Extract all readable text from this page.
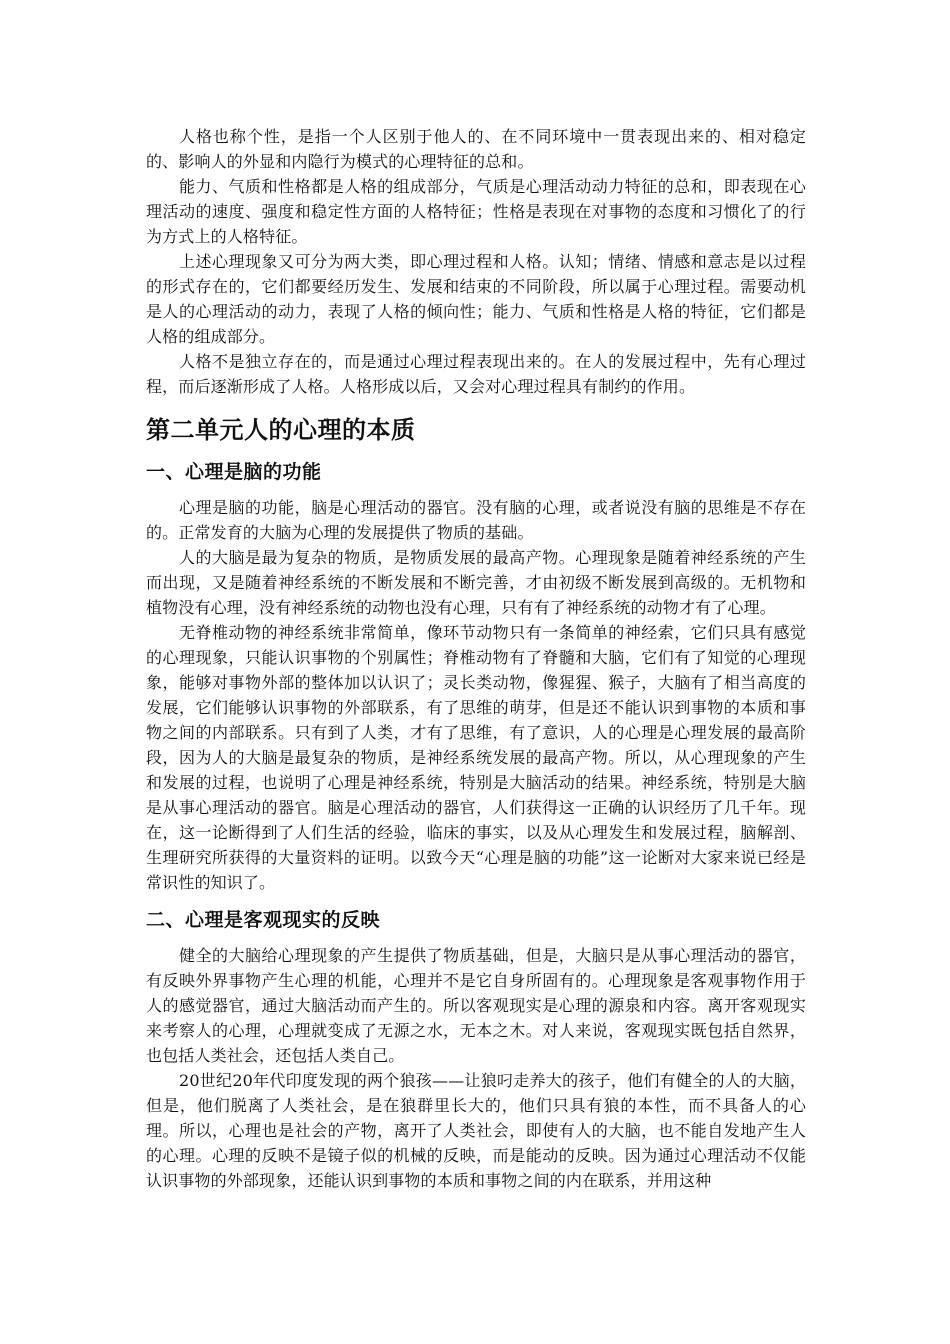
人格也称个性，是指一个人区别于他人的、在不同环境中一贯表现出来的、相对稳定的、影响人的外显和内隐行为模式的心理特征的总和。

能力、气质和性格都是人格的组成部分，气质是心理活动动力特征的总和，即表现在心理活动的速度、强度和稳定性方面的人格特征；性格是表现在对事物的态度和习惯化了的行为方式上的人格特征。

上述心理现象又可分为两大类，即心理过程和人格。认知；情绪、情感和意志是以过程的形式存在的，它们都要经历发生、发展和结束的不同阶段，所以属于心理过程。需要动机是人的心理活动的动力，表现了人格的倾向性；能力、气质和性格是人格的特征，它们都是人格的组成部分。

人格不是独立存在的，而是通过心理过程表现出来的。在人的发展过程中，先有心理过程，而后逐渐形成了人格。人格形成以后，又会对心理过程具有制约的作用。

第二单元人的心理的本质
一、心理是脑的功能

心理是脑的功能，脑是心理活动的器官。没有脑的心理，或者说没有脑的思维是不存在的。正常发育的大脑为心理的发展提供了物质的基础。

人的大脑是最为复杂的物质，是物质发展的最高产物。心理现象是随着神经系统的产生而出现，又是随着神经系统的不断发展和不断完善，才由初级不断发展到高级的。无机物和植物没有心理，没有神经系统的动物也没有心理，只有有了神经系统的动物才有了心理。

无脊椎动物的神经系统非常简单，像环节动物只有一条简单的神经索，它们只具有感觉的心理现象，只能认识事物的个别属性；脊椎动物有了脊髓和大脑，它们有了知觉的心理现象，能够对事物外部的整体加以认识了；灵长类动物，像猩猩、猴子，大脑有了相当高度的发展，它们能够认识事物的外部联系，有了思维的萌芽，但是还不能认识到事物的本质和事物之间的内部联系。只有到了人类，才有了思维，有了意识，人的心理是心理发展的最高阶段，因为人的大脑是最复杂的物质，是神经系统发展的最高产物。所以，从心理现象的产生和发展的过程，也说明了心理是神经系统，特别是大脑活动的结果。神经系统，特别是大脑是从事心理活动的器官。脑是心理活动的器官，人们获得这一正确的认识经历了几千年。现在，这一论断得到了人们生活的经验，临床的事实，以及从心理发生和发展过程，脑解剖、生理研究所获得的大量资料的证明。以致今天“心理是脑的功能”这一论断对大家来说已经是常识性的知识了。

二、心理是客观现实的反映

健全的大脑给心理现象的产生提供了物质基础，但是，大脑只是从事心理活动的器官，有反映外界事物产生心理的机能，心理并不是它自身所固有的。心理现象是客观事物作用于人的感觉器官，通过大脑活动而产生的。所以客观现实是心理的源泉和内容。离开客观现实来考察人的心理，心理就变成了无源之水，无本之木。对人来说，客观现实既包括自然界，也包括人类社会，还包括人类自己。

20世纪20年代印度发现的两个狼孩——让狼叼走养大的孩子，他们有健全的人的大脑，但是，他们脱离了人类社会，是在狼群里长大的，他们只具有狼的本性，而不具备人的心理。所以，心理也是社会的产物，离开了人类社会，即使有人的大脑，也不能自发地产生人的心理。心理的反映不是镜子似的机械的反映，而是能动的反映。因为通过心理活动不仅能认识事物的外部现象，还能认识到事物的本质和事物之间的内在联系，并用这种
